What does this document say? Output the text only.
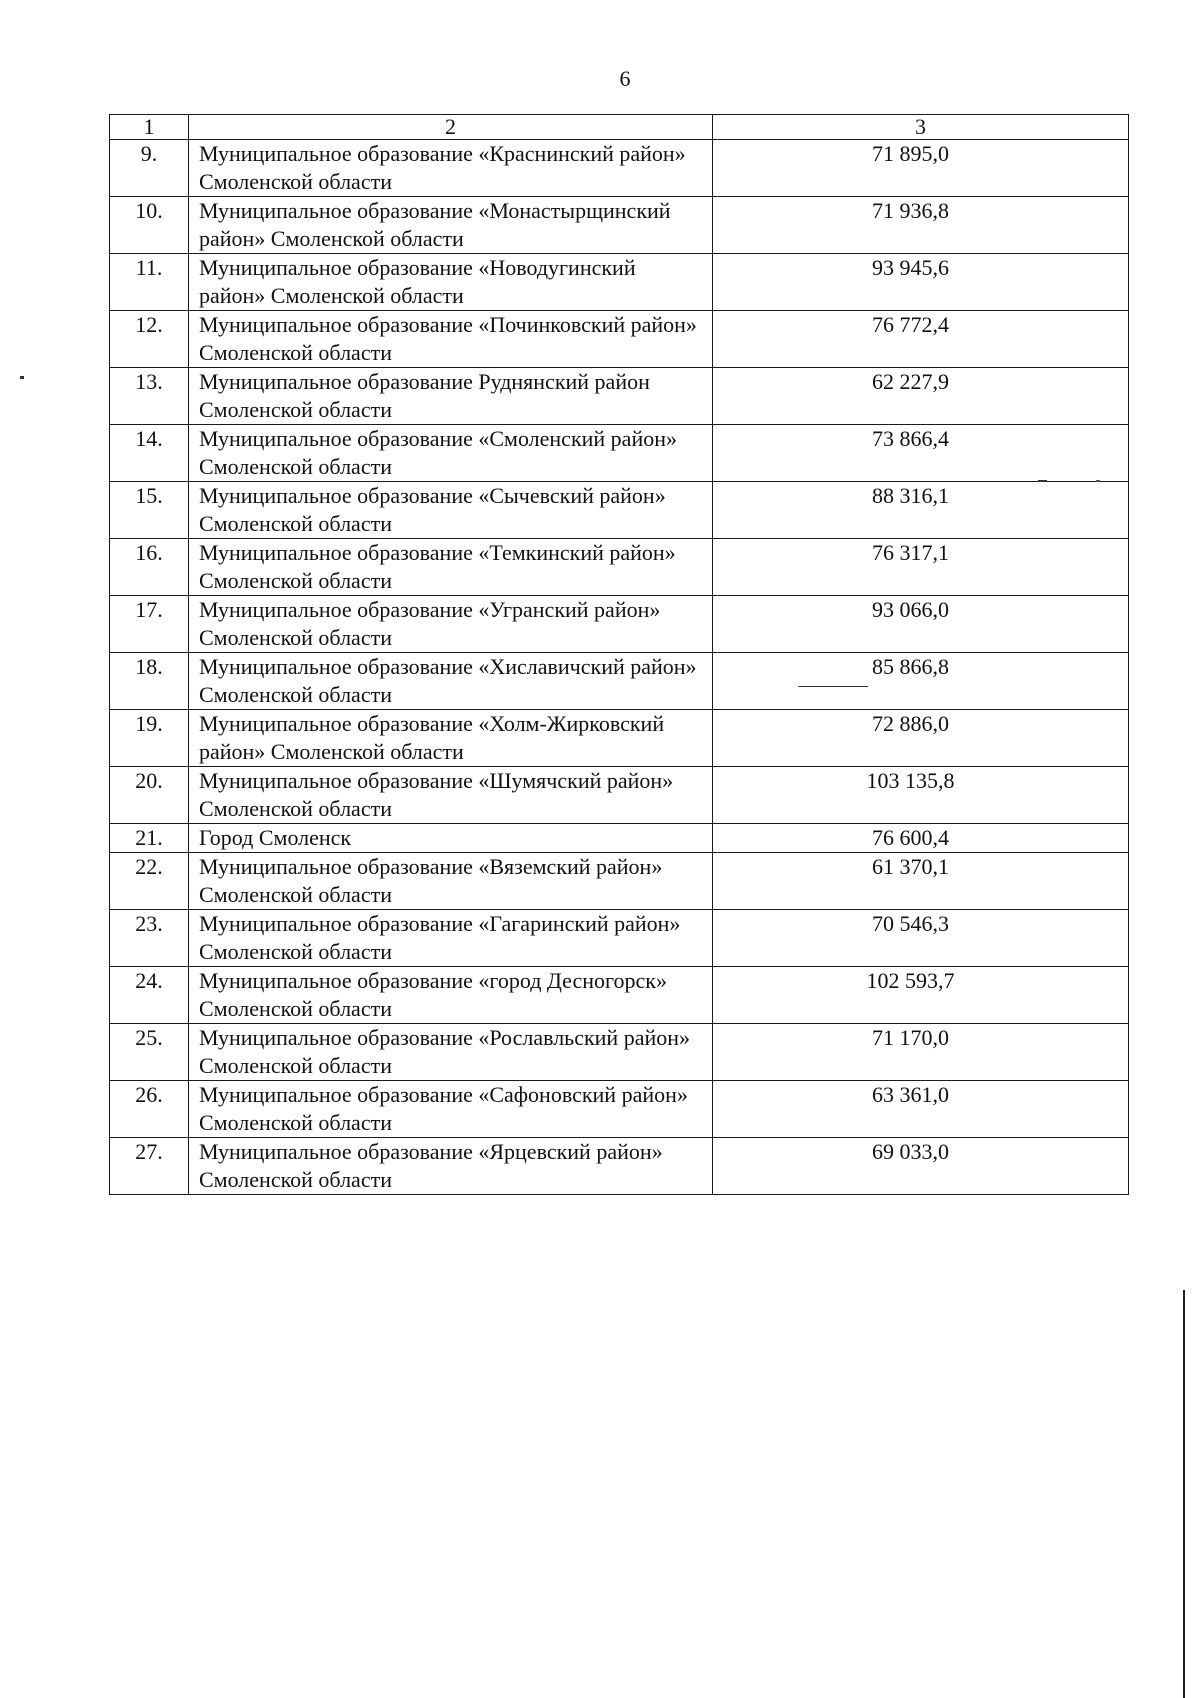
6
1	2	3
9.	Муниципальное образование «Краснинский район» Смоленской области	71 895,0
10.	Муниципальное образование «Монастырщинский район» Смоленской области	71 936,8
11.	Муниципальное образование «Новодугинский район» Смоленской области	93 945,6
12.	Муниципальное образование «Починковский район» Смоленской области	76 772,4
13.	Муниципальное образование Руднянский район Смоленской области	62 227,9
14.	Муниципальное образование «Смоленский район» Смоленской области	73 866,4
15.	Муниципальное образование «Сычевский район» Смоленской области	88 316,1
16.	Муниципальное образование «Темкинский район» Смоленской области	76 317,1
17.	Муниципальное образование «Угранский район» Смоленской области	93 066,0
18.	Муниципальное образование «Хиславичский район» Смоленской области	85 866,8
19.	Муниципальное образование «Холм-Жирковский район» Смоленской области	72 886,0
20.	Муниципальное образование «Шумячский район» Смоленской области	103 135,8
21.	Город Смоленск	76 600,4
22.	Муниципальное образование «Вяземский район» Смоленской области	61 370,1
23.	Муниципальное образование «Гагаринский район» Смоленской области	70 546,3
24.	Муниципальное образование «город Десногорск» Смоленской области	102 593,7
25.	Муниципальное образование «Рославльский район» Смоленской области	71 170,0
26.	Муниципальное образование «Сафоновский район» Смоленской области	63 361,0
27.	Муниципальное образование «Ярцевский район» Смоленской области	69 033,0
